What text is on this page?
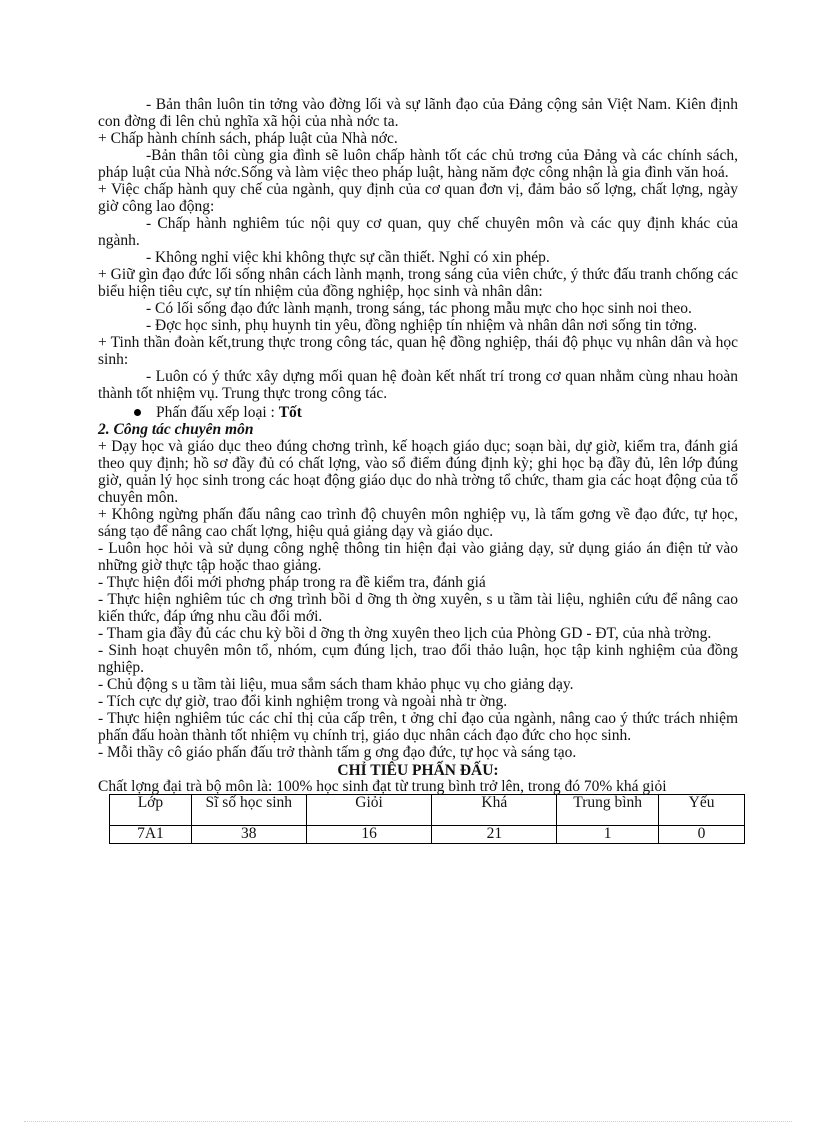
- Bản thân luôn tin tởng vào đờng lối và sự lãnh đạo của Đảng cộng sản Việt Nam. Kiên định con đờng đi lên chủ nghĩa xã hội của nhà nớc ta.

+ Chấp hành chính sách, pháp luật của Nhà nớc.

-Bản thân tôi cùng gia đình sẽ luôn chấp hành tốt các chủ trơng của Đảng và các chính sách, pháp luật của Nhà nớc.Sống và làm việc theo pháp luật, hàng năm đợc công nhận là gia đình văn hoá.

+ Việc chấp hành quy chế của ngành, quy định của cơ quan đơn vị, đảm bảo số lợng, chất lợng, ngày giờ công lao động:

- Chấp hành nghiêm túc nội quy cơ quan, quy chế chuyên môn và các quy định khác của ngành.

- Không nghỉ việc khi không thực sự cần thiết. Nghỉ có xin phép.

+ Giữ gìn đạo đức lối sống nhân cách lành mạnh, trong sáng của viên chức, ý thức đấu tranh chống các biểu hiện tiêu cực, sự tín nhiệm của đồng nghiệp, học sinh và nhân dân:

- Có lối sống đạo đức lành mạnh, trong sáng, tác phong mẫu mực cho học sinh noi theo.

- Đợc học sinh, phụ huynh tin yêu, đồng nghiệp tín nhiệm và nhân dân nơi sống tin tởng.

+ Tinh thần đoàn kết,trung thực trong công tác, quan hệ đồng nghiệp, thái độ phục vụ nhân dân và học sinh:

- Luôn có ý thức xây dựng mối quan hệ đoàn kết nhất trí trong cơ quan nhằm cùng nhau hoàn thành tốt nhiệm vụ. Trung thực trong công tác.

Phấn đấu xếp loại : Tốt

2. Công tác chuyên môn

+ Dạy học và giáo dục theo đúng chơng trình, kế hoạch giáo dục; soạn bài, dự giờ, kiểm tra, đánh giá theo quy định; hồ sơ đầy đủ có chất lợng, vào sổ điểm đúng định kỳ; ghi học bạ đầy đủ, lên lớp đúng giờ, quản lý học sinh trong các hoạt động giáo dục do nhà trờng tổ chức, tham gia các hoạt động của tổ chuyên môn.

+ Không ngừng phấn đấu nâng cao trình độ chuyên môn nghiệp vụ, là tấm gơng về đạo đức, tự học, sáng tạo để nâng cao chất lợng, hiệu quả giảng dạy và giáo dục.

- Luôn học hỏi và sử dụng công nghệ thông tin hiện đại vào giảng dạy, sử dụng giáo án điện tử vào những giờ thực tập hoặc thao giảng.

- Thực hiện đổi mới phơng pháp trong ra đề kiểm tra, đánh giá

- Thực hiện nghiêm túc ch ơng trình bồi d ỡng th ờng xuyên, s u tầm tài liệu, nghiên cứu để nâng cao kiến thức, đáp ứng nhu cầu đổi mới.

- Tham gia đầy đủ các chu kỳ bồi d ỡng th ờng xuyên theo lịch của Phòng GD - ĐT, của nhà trờng.

- Sinh hoạt chuyên môn tổ, nhóm, cụm đúng lịch, trao đổi thảo luận, học tập kinh nghiệm của đồng nghiệp.

- Chủ động s u tầm tài liệu, mua sắm sách tham khảo phục vụ cho giảng dạy.

- Tích cực dự giờ, trao đổi kinh nghiệm trong và ngoài nhà tr ờng.

- Thực hiện nghiêm túc các chỉ thị của cấp trên, t ởng chỉ đạo của ngành, nâng cao ý thức trách nhiệm phấn đấu hoàn thành tốt nhiệm vụ chính trị, giáo dục nhân cách đạo đức cho học sinh.

- Mỗi thầy cô giáo phấn đấu trở thành tấm g ơng đạo đức, tự học và sáng tạo.

CHỈ TIÊU PHẤN ĐẤU:

Chất lợng đại trà bộ môn là: 100% học sinh đạt từ trung bình trở lên, trong đó 70% khá giỏi

Lớp	Sĩ số học sinh	Giỏi	Khá	Trung bình	Yếu
7A1	38	16	21	1	0
